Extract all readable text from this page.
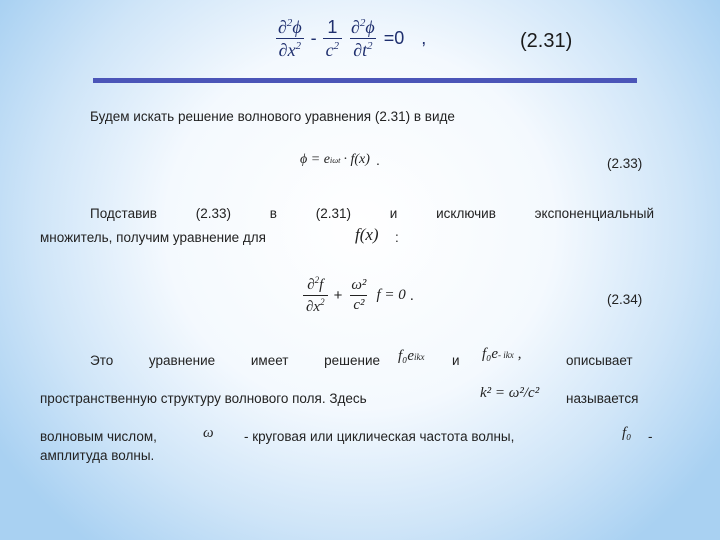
$\frac{\partial^2\phi}{\partial x^2} - \frac{1}{c^2} \frac{\partial^2\phi}{\partial t^2} =0$ ,	(2.31)
Будем искать решение волнового уравнения (2.31) в виде
ϕ = e iωt · f(x) .	(2.33)
Подставив (2.33) в (2.31) и исключив экспоненциальный
множитель, получим уравнение для	f(x) :
$\frac{\partial^2f}{\partial x^2} + \frac{\text{ω²}}{\text{c²}}$ f = 0 .	(2.34)
Это уравнение имеет решение f₀e ikx и f₀e - ikx ,	описывает
пространственную структуру волнового поля. Здесь	k² = ω²/c² называется
волновым числом,	ω - круговая или циклическая частота волны,	f₀ -
амплитуда волны.
